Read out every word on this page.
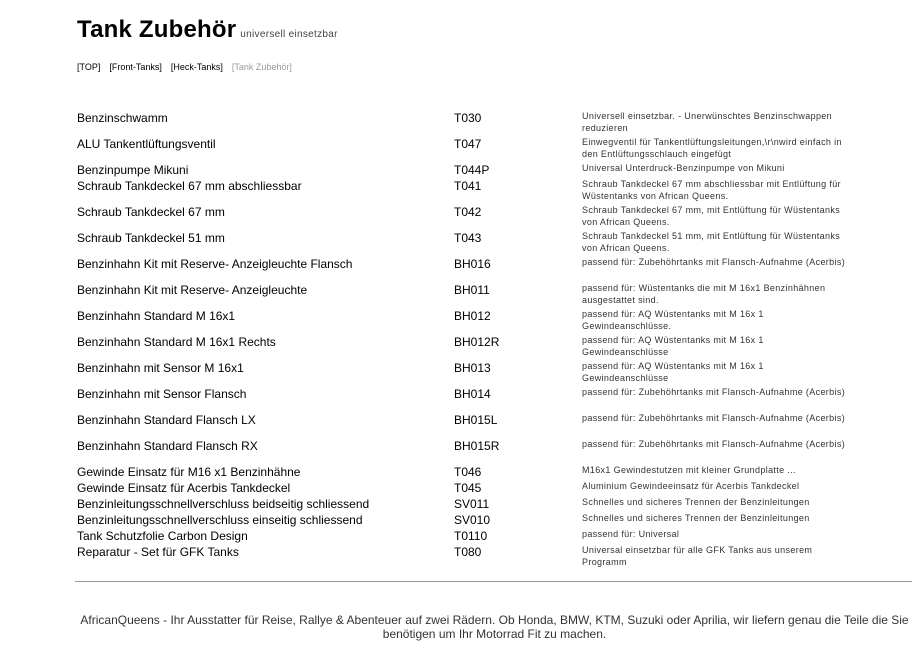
Tank Zubehör universell einsetzbar
[TOP] [Front-Tanks] [Heck-Tanks] [Tank Zubehör]
Benzinschwamm	T030	Universell einsetzbar. - Unerwünschtes Benzinschwappen reduzieren
ALU Tankentlüftungsventil	T047	Einwegventil für Tankentlüftungsleitungen,\r\nwird einfach in den Entlüftungsschlauch eingefügt
Benzinpumpe Mikuni	T044P	Universal Unterdruck-Benzinpumpe von Mikuni
Schraub Tankdeckel 67 mm abschliessbar	T041	Schraub Tankdeckel 67 mm abschliessbar mit Entlüftung für Wüstentanks von African Queens.
Schraub Tankdeckel 67 mm	T042	Schraub Tankdeckel 67 mm, mit Entlüftung für Wüstentanks von African Queens.
Schraub Tankdeckel 51 mm	T043	Schraub Tankdeckel 51 mm, mit Entlüftung für Wüstentanks von African Queens.
Benzinhahn Kit mit Reserve- Anzeigleuchte Flansch	BH016	passend für: Zubehöhrtanks mit Flansch-Aufnahme (Acerbis)
Benzinhahn Kit mit Reserve- Anzeigleuchte	BH011	passend für: Wüstentanks die mit M 16x1 Benzinhähnen ausgestattet sind.
Benzinhahn Standard M 16x1	BH012	passend für: AQ Wüstentanks mit M 16x 1 Gewindeanschlüsse.
Benzinhahn Standard M 16x1 Rechts	BH012R	passend für: AQ Wüstentanks mit M 16x 1 Gewindeanschlüsse
Benzinhahn mit Sensor M 16x1	BH013	passend für: AQ Wüstentanks mit M 16x 1 Gewindeanschlüsse
Benzinhahn mit Sensor Flansch	BH014	passend für: Zubehöhrtanks mit Flansch-Aufnahme (Acerbis)
Benzinhahn Standard Flansch LX	BH015L	passend für: Zubehöhrtanks mit Flansch-Aufnahme (Acerbis)
Benzinhahn Standard Flansch RX	BH015R	passend für: Zubehöhrtanks mit Flansch-Aufnahme (Acerbis)
Gewinde Einsatz für M16 x1 Benzinhähne	T046	M16x1 Gewindestutzen mit kleiner Grundplatte ...
Gewinde Einsatz für Acerbis Tankdeckel	T045	Aluminium Gewindeeinsatz für Acerbis Tankdeckel
Benzinleitungsschnellverschluss beidseitig schliessend	SV011	Schnelles und sicheres Trennen der Benzinleitungen
Benzinleitungsschnellverschluss einseitig schliessend	SV010	Schnelles und sicheres Trennen der Benzinleitungen
Tank Schutzfolie Carbon Design	T0110	passend für: Universal
Reparatur - Set für GFK Tanks	T080	Universal einsetzbar für alle GFK Tanks aus unserem Programm
AfricanQueens - Ihr Ausstatter für Reise, Rallye & Abenteuer auf zwei Rädern. Ob Honda, BMW, KTM, Suzuki oder Aprilia, wir liefern genau die Teile die Sie benötigen um Ihr Motorrad Fit zu machen.
